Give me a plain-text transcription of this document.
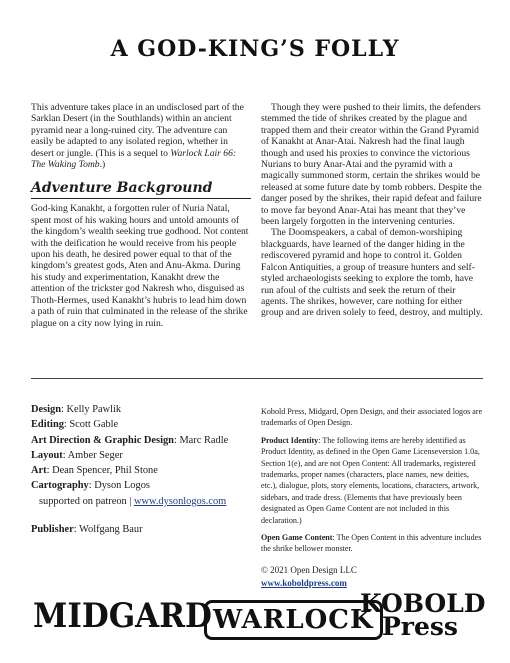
A GOD-KING’S FOLLY

This adventure takes place in an undisclosed part of the Sarklan Desert (in the Southlands) within an ancient pyramid near a long-ruined city. The adventure can easily be adapted to any isolated region, whether in desert or jungle. (This is a sequel to Warlock Lair 66: The Waking Tomb.)

Adventure Background

God-king Kanakht, a forgotten ruler of Nuria Natal, spent most of his waking hours and untold amounts of the kingdom’s wealth seeking true godhood. Not content with the deification he would receive from his people upon his death, he desired power equal to that of the kingdom’s greatest gods, Aten and Anu-Akma. During his study and experimentation, Kanakht drew the attention of the trickster god Nakresh who, disguised as Thoth-Hermes, used Kanakht’s hubris to lead him down a path of ruin that culminated in the release of the shrike plague on a city now lying in ruin.

Though they were pushed to their limits, the defenders stemmed the tide of shrikes created by the plague and trapped them and their creator within the Grand Pyramid of Kanakht at Anar-Atai. Nakresh had the final laugh though and used his proxies to convince the victorious Nurians to bury Anar-Atai and the pyramid with a magically summoned storm, certain the shrikes would be released at some future date by tomb robbers. Despite the danger posed by the shrikes, their rapid defeat and failure to move far beyond Anar-Atai has meant that they’ve been largely forgotten in the intervening centuries.

The Doomspeakers, a cabal of demon-worshiping blackguards, have learned of the danger hiding in the rediscovered pyramid and hope to control it. Golden Falcon Antiquities, a group of treasure hunters and self-styled archaeologists seeking to explore the tomb, have run afoul of the cultists and seek the return of their agents. The shrikes, however, care nothing for either group and are driven solely to feed, destroy, and multiply.

Design: Kelly Pawlik
Editing: Scott Gable
Art Direction & Graphic Design: Marc Radle
Layout: Amber Seger
Art: Dean Spencer, Phil Stone
Cartography: Dyson Logos
supported on patreon | www.dysonlogos.com
Publisher: Wolfgang Baur

Kobold Press, Midgard, Open Design, and their associated logos are trademarks of Open Design.

Product Identity: The following items are hereby identified as Product Identity, as defined in the Open Game Licenseversion 1.0a, Section 1(e), and are not Open Content: All trademarks, registered trademarks, proper names (characters, place names, new deities, etc.), dialogue, plots, story elements, locations, characters, artwork, sidebars, and trade dress. (Elements that have previously been designated as Open Game Content are not included in this declaration.)

Open Game Content: The Open Content in this adventure includes the shrike bellower monster.

© 2021 Open Design LLC

www.koboldpress.com
MIDGARD WARLOCK
KOBOLD
Press
